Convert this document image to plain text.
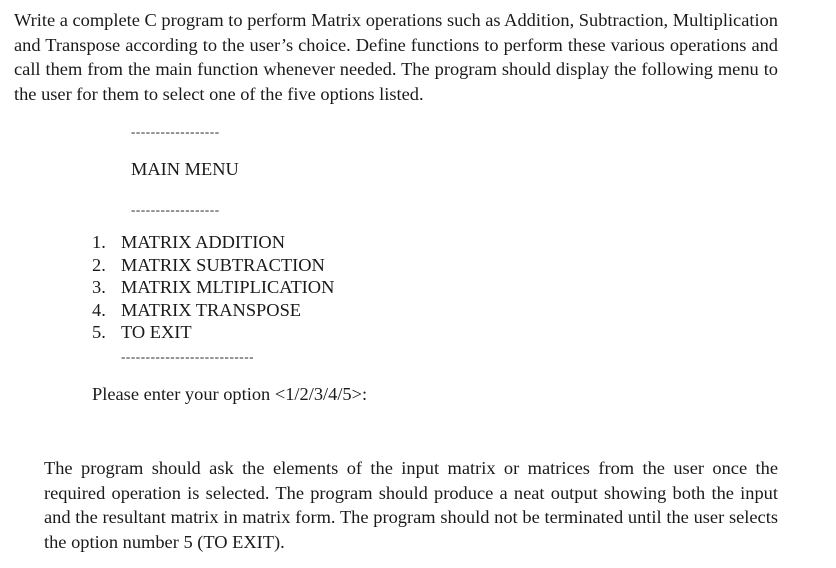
Write a complete C program to perform Matrix operations such as Addition, Subtraction, Multiplication and Transpose according to the user’s choice. Define functions to perform these various operations and call them from the main function whenever needed. The program should display the following menu to the user for them to select one of the five options listed.

------------------
MAIN MENU
------------------
1. MATRIX ADDITION
2. MATRIX SUBTRACTION
3. MATRIX MLTIPLICATION
4. MATRIX TRANSPOSE
5. TO EXIT
---------------------------
Please enter your option <1/2/3/4/5>:

The program should ask the elements of the input matrix or matrices from the user once the required operation is selected. The program should produce a neat output showing both the input and the resultant matrix in matrix form. The program should not be terminated until the user selects the option number 5 (TO EXIT).
